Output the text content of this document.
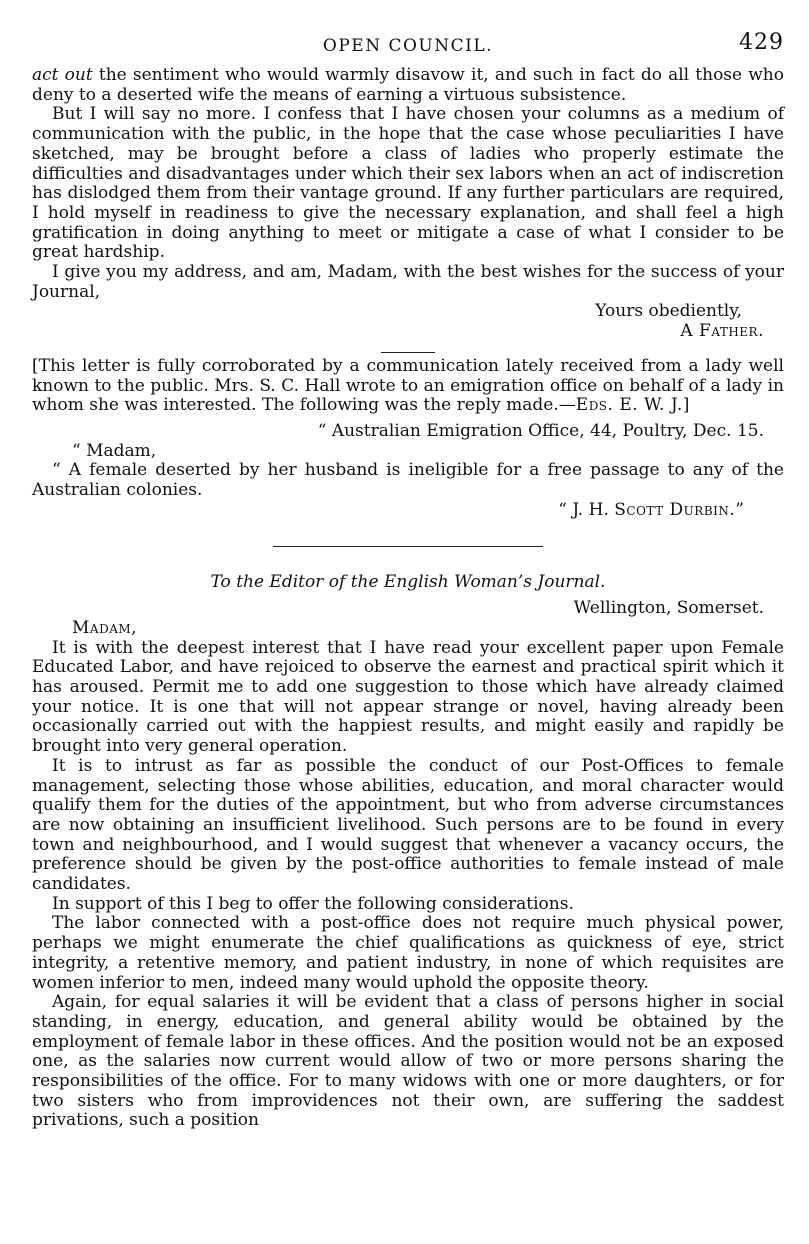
OPEN COUNCIL.	429

act out the sentiment who would warmly disavow it, and such in fact do all those who deny to a deserted wife the means of earning a virtuous subsistence.

But I will say no more. I confess that I have chosen your columns as a medium of communication with the public, in the hope that the case whose peculiarities I have sketched, may be brought before a class of ladies who properly estimate the difficulties and disadvantages under which their sex labors when an act of indiscretion has dislodged them from their vantage ground. If any further particulars are required, I hold myself in readiness to give the necessary explanation, and shall feel a high gratification in doing anything to meet or mitigate a case of what I consider to be great hardship.

I give you my address, and am, Madam, with the best wishes for the success of your Journal,

Yours obediently,

A Father.

[This letter is fully corroborated by a communication lately received from a lady well known to the public. Mrs. S. C. Hall wrote to an emigration office on behalf of a lady in whom she was interested. The following was the reply made.—Eds. E. W. J.]

“ Australian Emigration Office, 44, Poultry, Dec. 15.

“ Madam,

“ A female deserted by her husband is ineligible for a free passage to any of the Australian colonies.

“ J. H. Scott Durbin.”

To the Editor of the English Woman’s Journal.

Wellington, Somerset.

Madam,

It is with the deepest interest that I have read your excellent paper upon Female Educated Labor, and have rejoiced to observe the earnest and practical spirit which it has aroused. Permit me to add one suggestion to those which have already claimed your notice. It is one that will not appear strange or novel, having already been occasionally carried out with the happiest results, and might easily and rapidly be brought into very general operation.

It is to intrust as far as possible the conduct of our Post-Offices to female management, selecting those whose abilities, education, and moral character would qualify them for the duties of the appointment, but who from adverse circumstances are now obtaining an insufficient livelihood. Such persons are to be found in every town and neighbourhood, and I would suggest that whenever a vacancy occurs, the preference should be given by the post-office authorities to female instead of male candidates.

In support of this I beg to offer the following considerations.

The labor connected with a post-office does not require much physical power, perhaps we might enumerate the chief qualifications as quickness of eye, strict integrity, a retentive memory, and patient industry, in none of which requisites are women inferior to men, indeed many would uphold the opposite theory.

Again, for equal salaries it will be evident that a class of persons higher in social standing, in energy, education, and general ability would be obtained by the employment of female labor in these offices. And the position would not be an exposed one, as the salaries now current would allow of two or more persons sharing the responsibilities of the office. For to many widows with one or more daughters, or for two sisters who from improvidences not their own, are suffering the saddest privations, such a position
